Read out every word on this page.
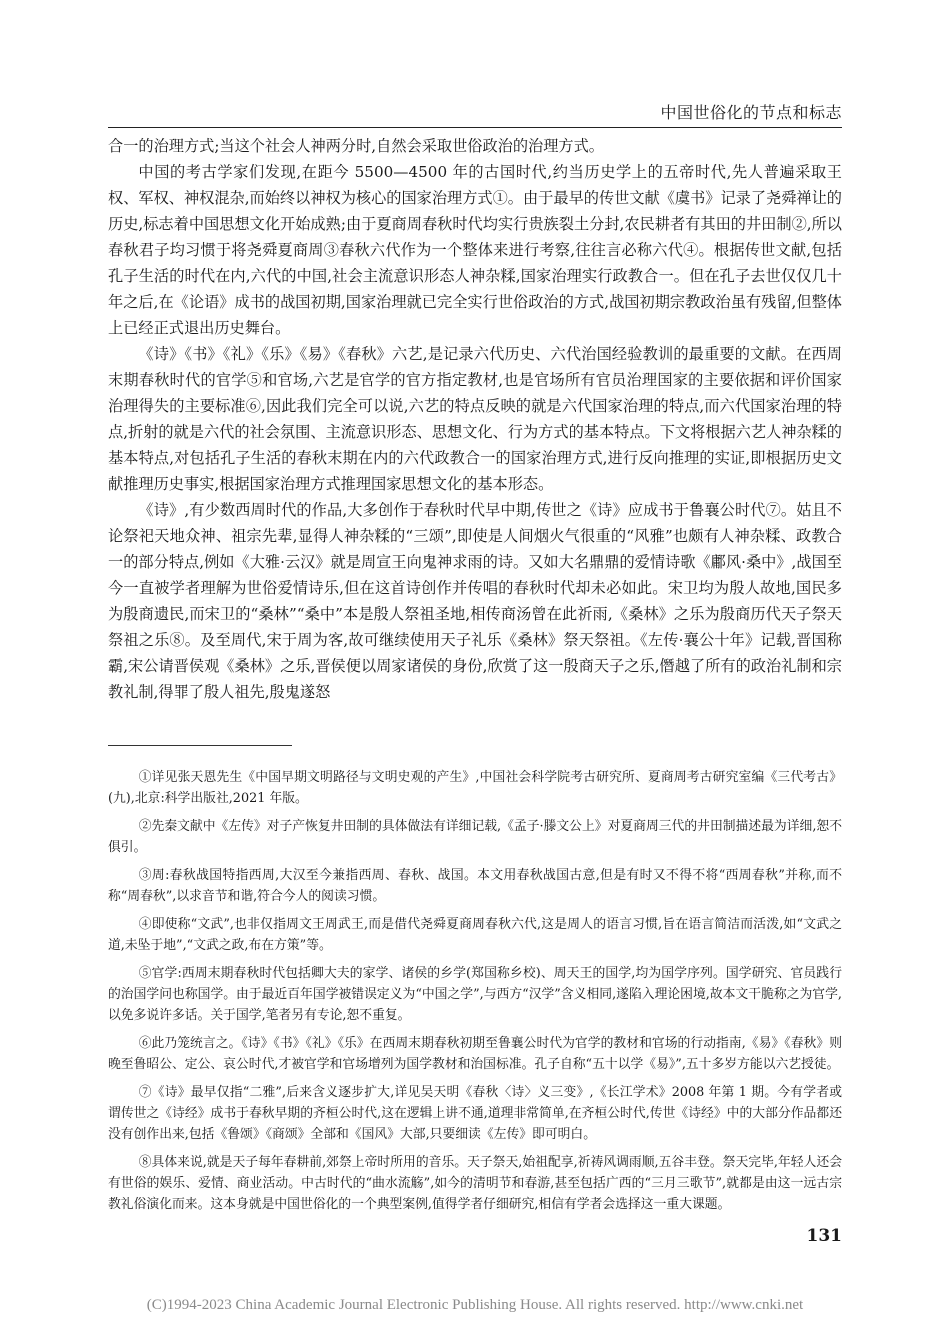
中国世俗化的节点和标志

合一的治理方式;当这个社会人神两分时,自然会采取世俗政治的治理方式。

中国的考古学家们发现,在距今 5500—4500 年的古国时代,约当历史学上的五帝时代,先人普遍采取王权、军权、神权混杂,而始终以神权为核心的国家治理方式①。由于最早的传世文献《虞书》记录了尧舜禅让的历史,标志着中国思想文化开始成熟;由于夏商周春秋时代均实行贵族裂土分封,农民耕者有其田的井田制②,所以春秋君子均习惯于将尧舜夏商周③春秋六代作为一个整体来进行考察,往往言必称六代④。根据传世文献,包括孔子生活的时代在内,六代的中国,社会主流意识形态人神杂糅,国家治理实行政教合一。但在孔子去世仅仅几十年之后,在《论语》成书的战国初期,国家治理就已完全实行世俗政治的方式,战国初期宗教政治虽有残留,但整体上已经正式退出历史舞台。

《诗》《书》《礼》《乐》《易》《春秋》六艺,是记录六代历史、六代治国经验教训的最重要的文献。在西周末期春秋时代的官学⑤和官场,六艺是官学的官方指定教材,也是官场所有官员治理国家的主要依据和评价国家治理得失的主要标准⑥,因此我们完全可以说,六艺的特点反映的就是六代国家治理的特点,而六代国家治理的特点,折射的就是六代的社会氛围、主流意识形态、思想文化、行为方式的基本特点。下文将根据六艺人神杂糅的基本特点,对包括孔子生活的春秋末期在内的六代政教合一的国家治理方式,进行反向推理的实证,即根据历史文献推理历史事实,根据国家治理方式推理国家思想文化的基本形态。

《诗》,有少数西周时代的作品,大多创作于春秋时代早中期,传世之《诗》应成书于鲁襄公时代⑦。姑且不论祭祀天地众神、祖宗先辈,显得人神杂糅的“三颂”,即使是人间烟火气很重的“风雅”也颇有人神杂糅、政教合一的部分特点,例如《大雅·云汉》就是周宣王向鬼神求雨的诗。又如大名鼎鼎的爱情诗歌《鄘风·桑中》,战国至今一直被学者理解为世俗爱情诗乐,但在这首诗创作并传唱的春秋时代却未必如此。宋卫均为殷人故地,国民多为殷商遗民,而宋卫的“桑林”“桑中”本是殷人祭祖圣地,相传商汤曾在此祈雨,《桑林》之乐为殷商历代天子祭天祭祖之乐⑧。及至周代,宋于周为客,故可继续使用天子礼乐《桑林》祭天祭祖。《左传·襄公十年》记载,晋国称霸,宋公请晋侯观《桑林》之乐,晋侯便以周家诸侯的身份,欣赏了这一殷商天子之乐,僭越了所有的政治礼制和宗教礼制,得罪了殷人祖先,殷鬼遂怒

①详见张天恩先生《中国早期文明路径与文明史观的产生》,中国社会科学院考古研究所、夏商周考古研究室编《三代考古》(九),北京:科学出版社,2021 年版。

②先秦文献中《左传》对子产恢复井田制的具体做法有详细记载,《孟子·滕文公上》对夏商周三代的井田制描述最为详细,恕不俱引。

③周:春秋战国特指西周,大汉至今兼指西周、春秋、战国。本文用春秋战国古意,但是有时又不得不将“西周春秋”并称,而不称“周春秋”,以求音节和谐,符合今人的阅读习惯。

④即使称“文武”,也非仅指周文王周武王,而是借代尧舜夏商周春秋六代,这是周人的语言习惯,旨在语言简洁而活泼,如“文武之道,未坠于地”,“文武之政,布在方策”等。

⑤官学:西周末期春秋时代包括卿大夫的家学、诸侯的乡学(郑国称乡校)、周天王的国学,均为国学序列。国学研究、官员践行的治国学问也称国学。由于最近百年国学被错误定义为“中国之学”,与西方“汉学”含义相同,遂陷入理论困境,故本文干脆称之为官学,以免多说许多话。关于国学,笔者另有专论,恕不重复。

⑥此乃笼统言之。《诗》《书》《礼》《乐》在西周末期春秋初期至鲁襄公时代为官学的教材和官场的行动指南,《易》《春秋》则晚至鲁昭公、定公、哀公时代,才被官学和官场增列为国学教材和治国标准。孔子自称“五十以学《易》”,五十多岁方能以六艺授徒。

⑦《诗》最早仅指“二雅”,后来含义逐步扩大,详见吴天明《春秋〈诗〉义三变》,《长江学术》2008 年第 1 期。今有学者或谓传世之《诗经》成书于春秋早期的齐桓公时代,这在逻辑上讲不通,道理非常简单,在齐桓公时代,传世《诗经》中的大部分作品都还没有创作出来,包括《鲁颂》《商颂》全部和《国风》大部,只要细读《左传》即可明白。

⑧具体来说,就是天子每年春耕前,郊祭上帝时所用的音乐。天子祭天,始祖配享,祈祷风调雨顺,五谷丰登。祭天完毕,年轻人还会有世俗的娱乐、爱情、商业活动。中古时代的“曲水流觞”,如今的清明节和春游,甚至包括广西的“三月三歌节”,就都是由这一远古宗教礼俗演化而来。这本身就是中国世俗化的一个典型案例,值得学者仔细研究,相信有学者会选择这一重大课题。

131
(C)1994-2023 China Academic Journal Electronic Publishing House. All rights reserved. http://www.cnki.net
